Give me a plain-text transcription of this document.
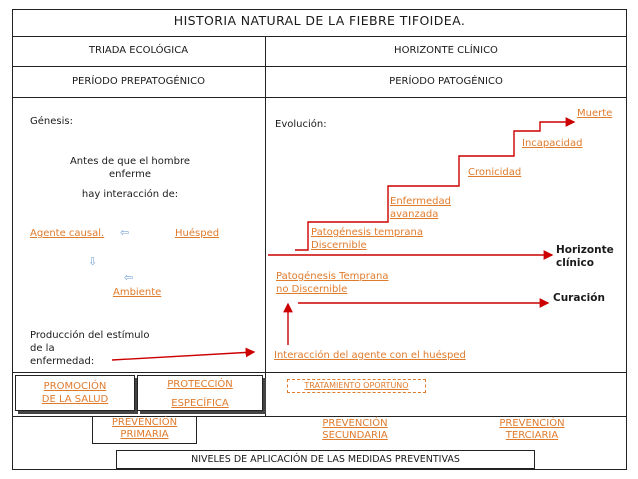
HISTORIA NATURAL DE LA FIEBRE TIFOIDEA.
TRIADA ECOLÓGICA	HORIZONTE CLÍNICO
PERÍODO PREPATOGÉNICO	PERÍODO PATOGÉNICO
Génesis:
Antes de que el hombre
enferme
hay interacción de:
Agente causal.	Huésped
Ambiente
⇦
⇩
⇦
Producción del estímulo
de la
enfermedad:
Evolución:
Muerte
Incapacidad
Cronicidad
Enfermedad
avanzada
Patogénesis temprana
Discernible	Horizonte
clínico
Patogénesis Temprana
no Discernible
Curación
Interacción del agente con el huésped
PROMOCIÓN
DE LA SALUD
PROTECCIÓN
ESPECÍFICA
TRATAMIENTO OPORTUNO
PREVENCIÓN
PRIMARIA
PREVENCIÓN
SECUNDARIA
PREVENCIÓN
TERCIARIA
NIVELES DE APLICACIÓN DE LAS MEDIDAS PREVENTIVAS
